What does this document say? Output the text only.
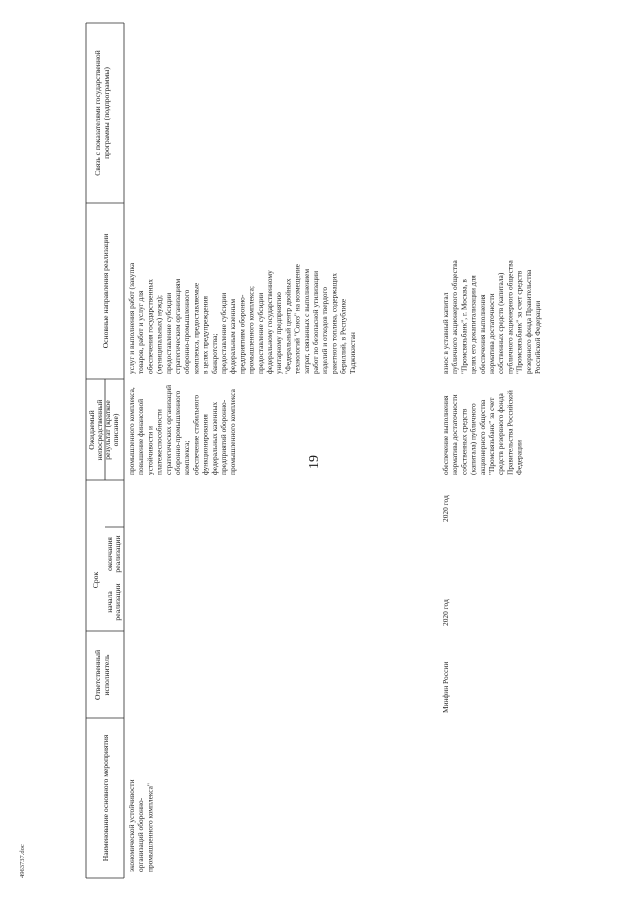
19
Наименование основного мероприятия
Ответственныйисполнитель
Срок
началареализации
окончанияреализации
Ожидаемыйнепосредственныйрезультат (краткоеописание)
Основные направления реализации
Связь с показателями государственнойпрограммы (подпрограммы)
экономической устойчивостиорганизаций оборонно-промышленного комплекса"
промышленного комплекса,повышение финансовойустойчивости иплатежеспособностистратегических организацийоборонно-промышленногокомплекса;обеспечение стабильногофункционированияфедеральных казенныхпредприятий оборонно-промышленного комплекса
услуг и выполнения работ (закупкатоваров, работ и услуг дляобеспечения государственных(муниципальных) нужд);предоставление субсидиистратегическим организациямоборонно-промышленногокомплекса, предоставляемыев целях предупреждениябанкротства;предоставление субсидиифедеральным казеннымпредприятиям оборонно-промышленного комплекса;предоставление субсидиифедеральному государственномуунитарному предприятию"Федеральный центр двойныхтехнологий "Союз" на возмещениезатрат, связанных с выполнениемработ по безопасной утилизацииизделий и отходов твердогоракетного топлива, содержащихбериллий, в РеспубликеТаджикистан
Минфин России
2020 год
2020 год
обеспечение выполнениянорматива достаточностисобственных средств(капитала) публичногоакционерного общества"Промсвязьбанк" за счетсредств резервного фондаПравительства РоссийскойФедерации
взнос в уставный капиталпубличного акционерного общества"Промсвязьбанк", г. Москва, вцелях его докапитализации дляобеспечения выполнениянорматива достаточностисобственных средств (капитала)публичного акционерного общества"Промсвязьбанк" за счет средстврезервного фонда ПравительстваРоссийской Федерации
4963737.doc
